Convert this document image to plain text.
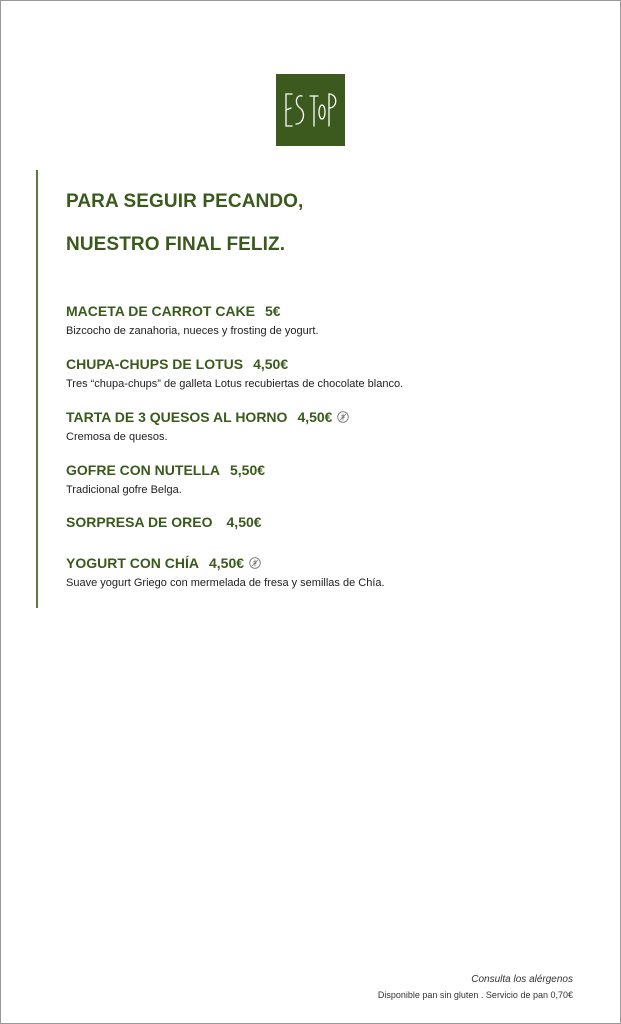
PARA SEGUIR PECANDO,
NUESTRO FINAL FELIZ.
MACETA DE CARROT CAKE 5€
Bizcocho de zanahoria, nueces y frosting de yogurt.
CHUPA-CHUPS DE LOTUS 4,50€
Tres “chupa-chups” de galleta Lotus recubiertas de chocolate blanco.
TARTA DE 3 QUESOS AL HORNO 4,50€
Cremosa de quesos.
GOFRE CON NUTELLA 5,50€
Tradicional gofre Belga.
SORPRESA DE OREO 4,50€
YOGURT CON CHÍA 4,50€
Suave yogurt Griego con mermelada de fresa y semillas de Chía.
Consulta los alérgenos
Disponible pan sin gluten . Servicio de pan 0,70€
